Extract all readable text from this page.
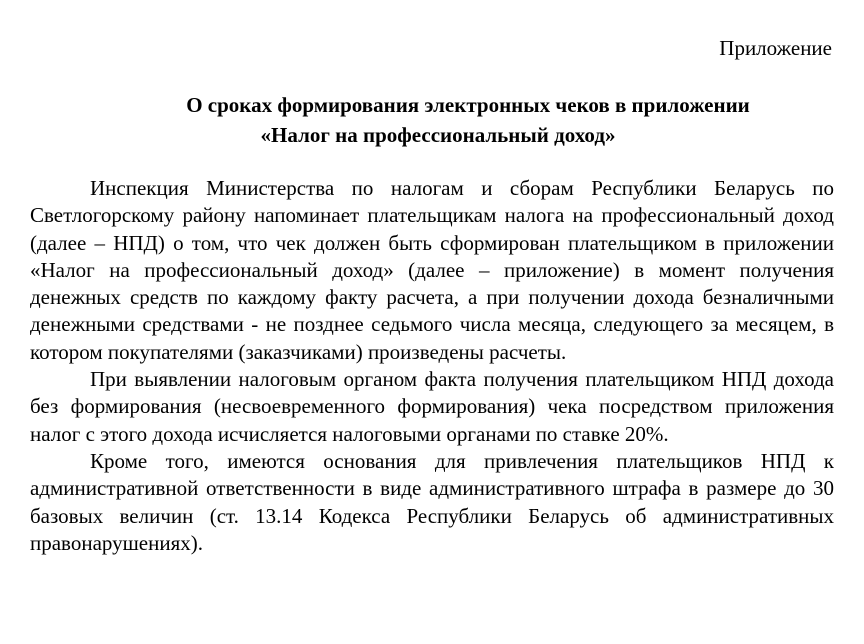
Приложение

О сроках формирования электронных чеков в приложении
«Налог на профессиональный доход»

Инспекция Министерства по налогам и сборам Республики Беларусь по Светлогорскому району напоминает плательщикам налога на профессиональный доход (далее – НПД) о том, что чек должен быть сформирован плательщиком в приложении «Налог на профессиональный доход» (далее – приложение) в момент получения денежных средств по каждому факту расчета, а при получении дохода безналичными денежными средствами - не позднее седьмого числа месяца, следующего за месяцем, в котором покупателями (заказчиками) произведены расчеты.

При выявлении налоговым органом факта получения плательщиком НПД дохода без формирования (несвоевременного формирования) чека посредством приложения налог с этого дохода исчисляется налоговыми органами по ставке 20%.

Кроме того, имеются основания для привлечения плательщиков НПД к административной ответственности в виде административного штрафа в размере до 30 базовых величин (ст. 13.14 Кодекса Республики Беларусь об административных правонарушениях).
